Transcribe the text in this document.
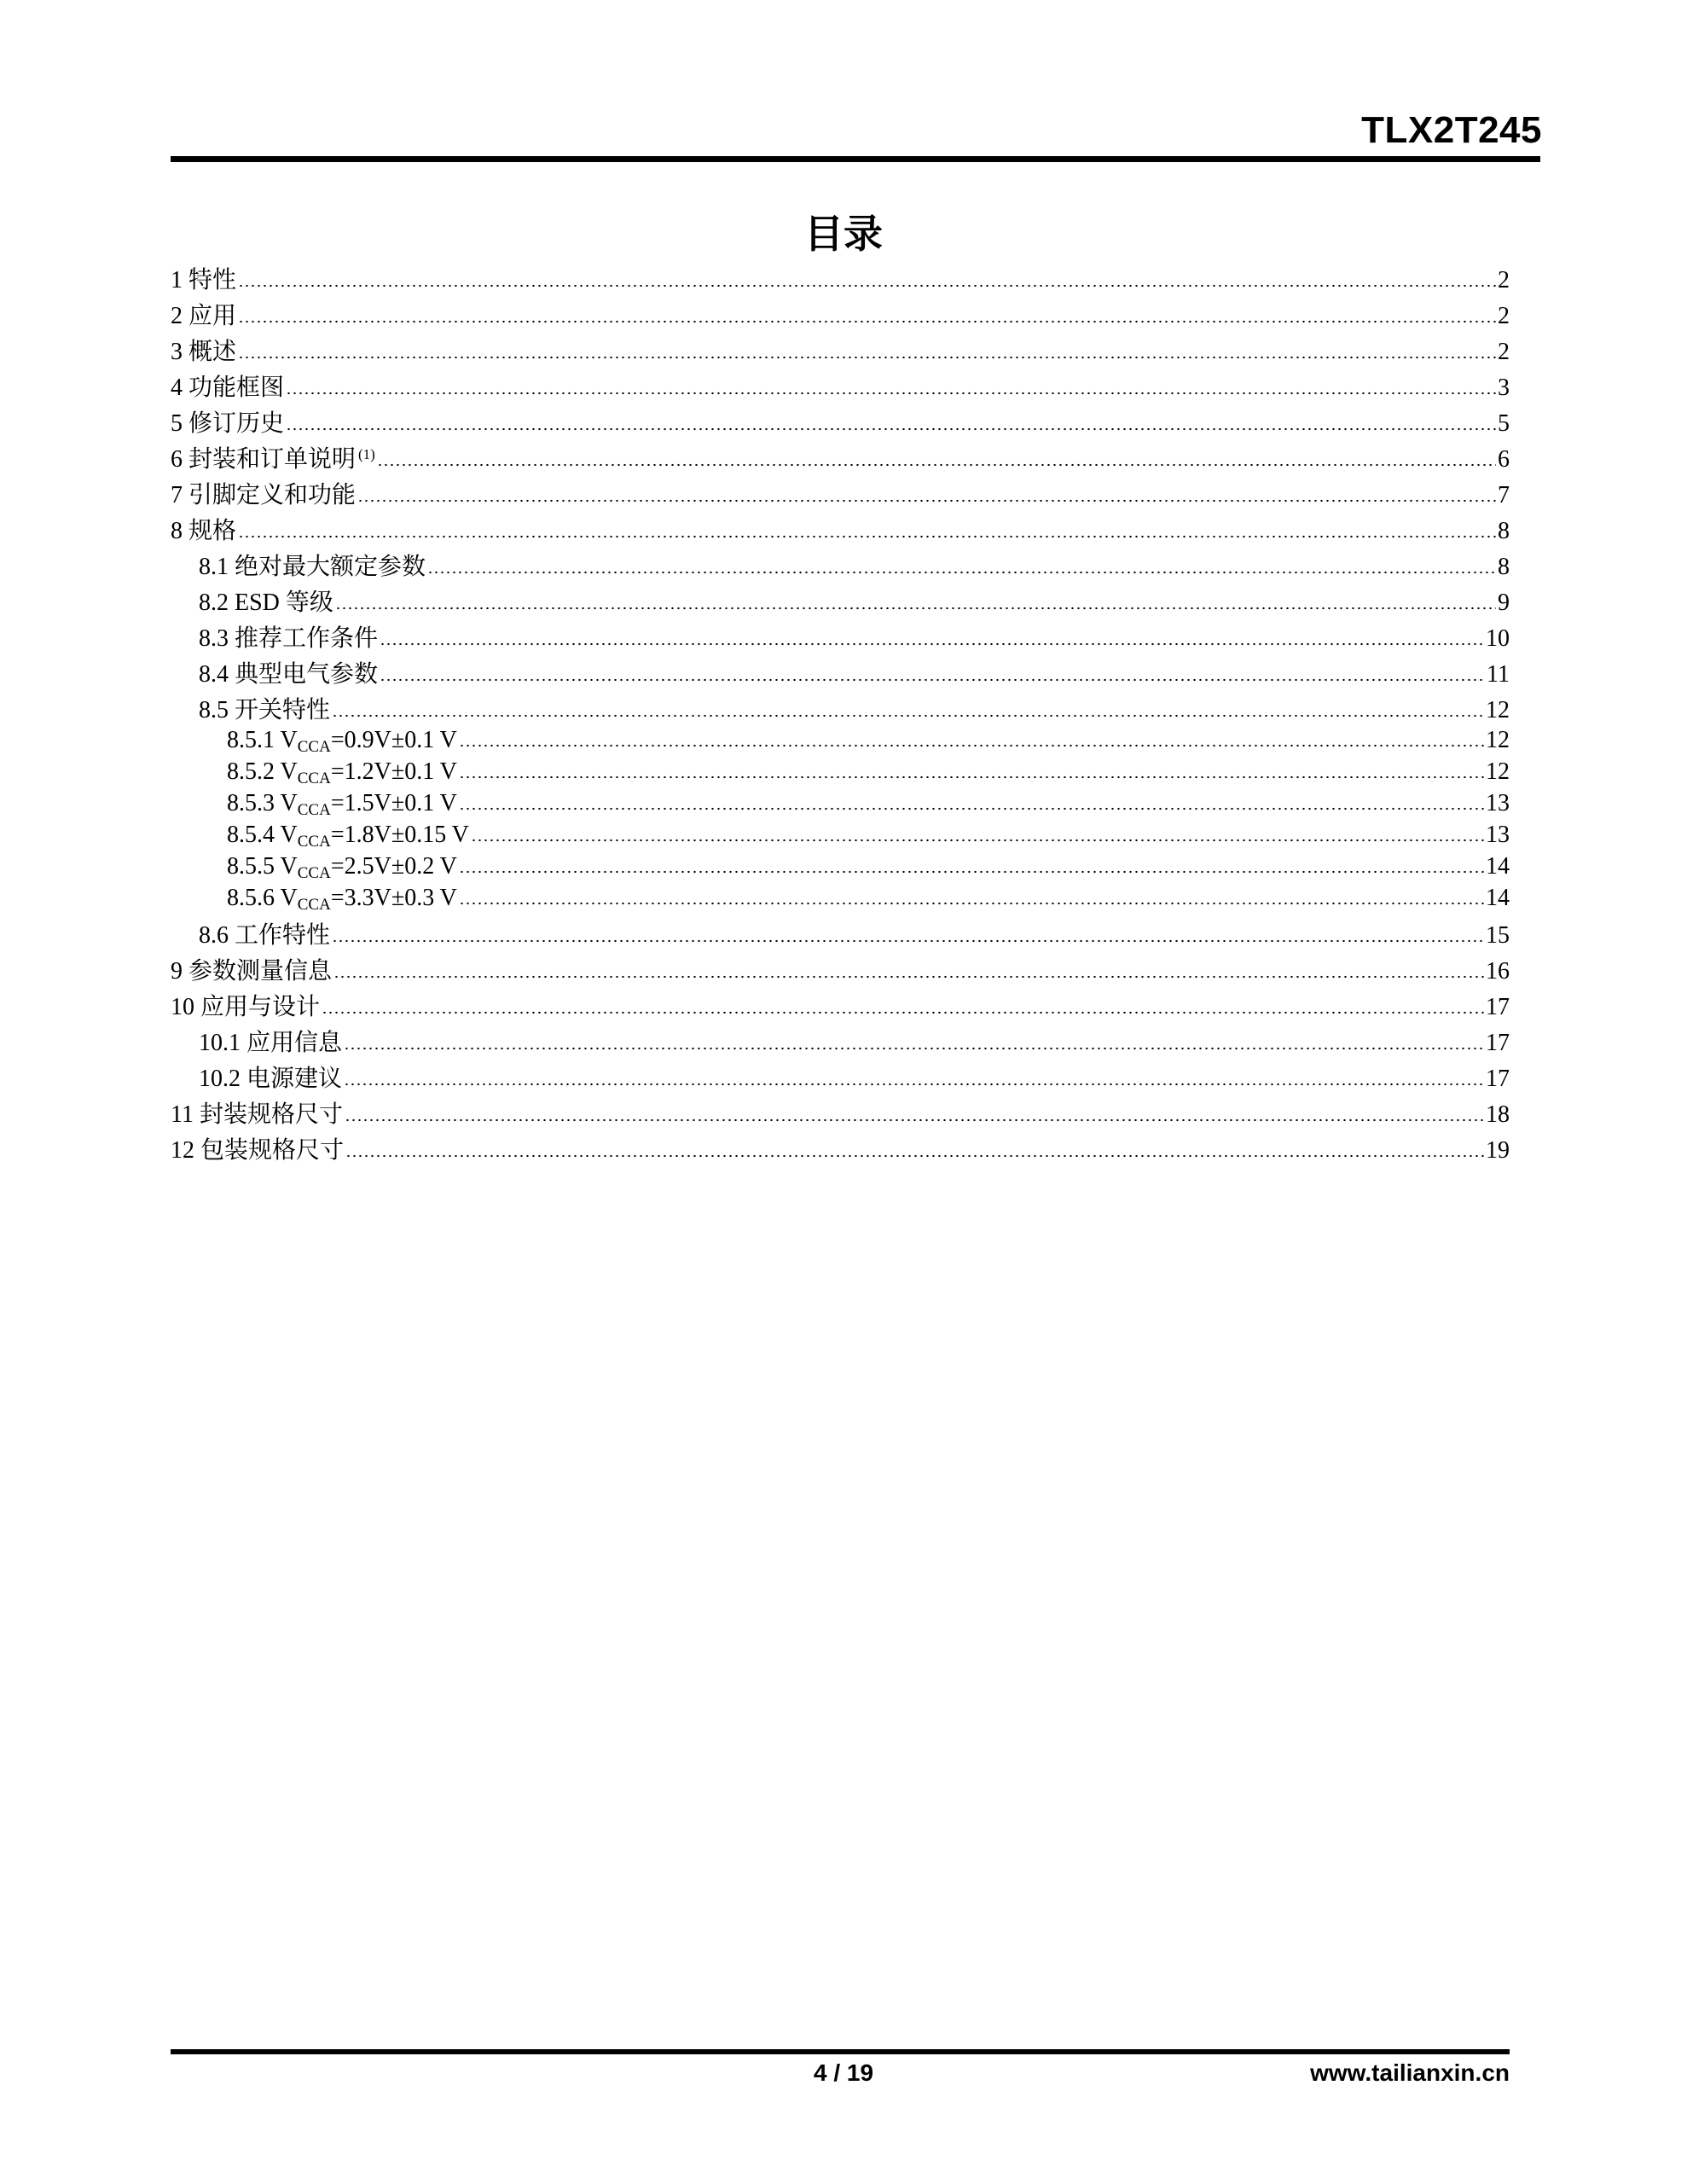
TLX2T245
目录
1 特性	2
2 应用	2
3 概述	2
4 功能框图	3
5 修订历史	5
6 封装和订单说明 $^{(1)}$	6
7 引脚定义和功能	7
8 规格	8
8.1 绝对最大额定参数	8
8.2 ESD 等级	9
8.3 推荐工作条件	10
8.4 典型电气参数	11
8.5 开关特性	12
8.5.1 $V_{CCA}=0.9V\pm 0.1$ V	12
8.5.2 $V_{CCA}=1.2V\pm 0.1$ V	12
8.5.3 $V_{CCA}=1.5V\pm 0.1$ V	13
8.5.4 $V_{CCA}=1.8V\pm 0.15$ V	13
8.5.5 $V_{CCA}=2.5V\pm 0.2$ V	14
8.5.6 $V_{CCA}=3.3V\pm 0.3$ V	14
8.6 工作特性	15
9 参数测量信息	16
10 应用与设计	17
10.1 应用信息	17
10.2 电源建议	17
11 封装规格尺寸	18
12 包装规格尺寸	19
4 / 19	www.tailianxin.cn
